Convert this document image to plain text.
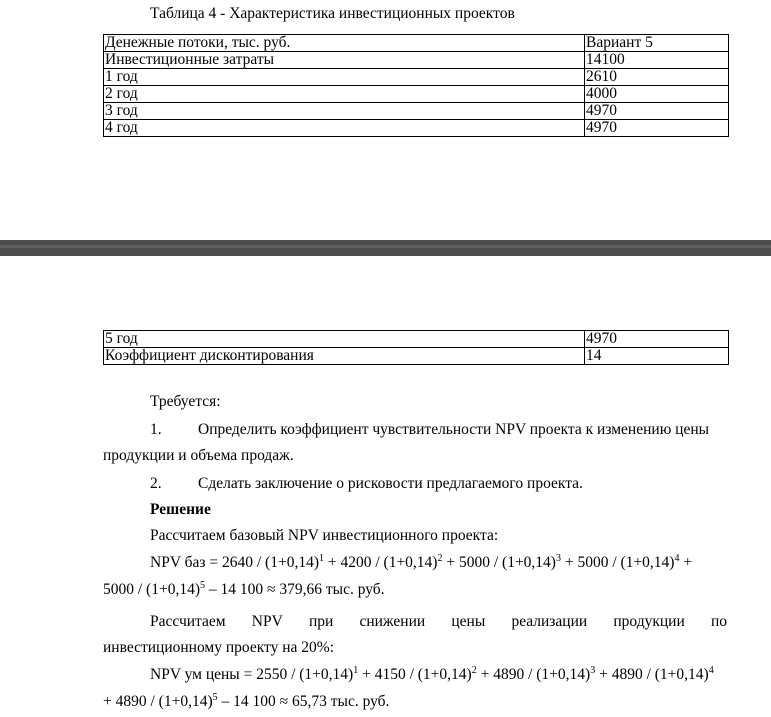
Таблица 4 - Характеристика инвестиционных проектов
Денежные потоки, тыс. руб.	Вариант 5
Инвестиционные затраты	14100
1 год	2610
2 год	4000
3 год	4970
4 год	4970
5 год	4970
Коэффициент дисконтирования	14
Требуется:
1. Определить коэффициент чувствительности NPV проекта к изменению цены
продукции и объема продаж.
2. Сделать заключение о рисковости предлагаемого проекта.
Решение
Рассчитаем базовый NPV инвестиционного проекта:
NPV баз = $2640 / (1+0,14)^1 + 4200 / (1+0,14)^2 + 5000 / (1+0,14)^3 + 5000 / (1+0,14)^4$ +
$5000 / (1+0,14)^5 - 14$ 100 ≈ 379,66 тыс. руб.
Рассчитаем NPV при снижении цены реализации продукции по
инвестиционному проекту на 20%:
NPV ум цены = $2550 / (1+0,14)^1 + 4150 / (1+0,14)^2 + 4890 / (1+0,14)^3 + 4890 / (1+0,14)^4$
+ $4890 / (1+0,14)^5 - 14$ 100 ≈ 65,73 тыс. руб.
